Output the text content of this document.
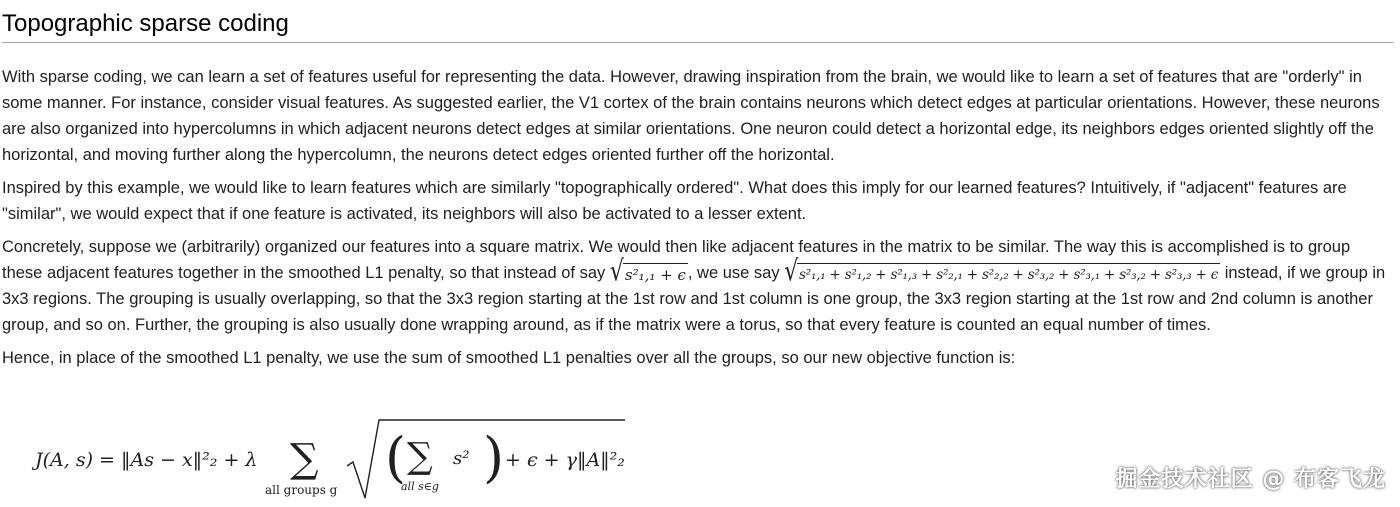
Topographic sparse coding

With sparse coding, we can learn a set of features useful for representing the data. However, drawing inspiration from the brain, we would like to learn a set of features that are "orderly" in some manner. For instance, consider visual features. As suggested earlier, the V1 cortex of the brain contains neurons which detect edges at particular orientations. However, these neurons are also organized into hypercolumns in which adjacent neurons detect edges at similar orientations. One neuron could detect a horizontal edge, its neighbors edges oriented slightly off the horizontal, and moving further along the hypercolumn, the neurons detect edges oriented further off the horizontal.

Inspired by this example, we would like to learn features which are similarly "topographically ordered". What does this imply for our learned features? Intuitively, if "adjacent" features are "similar", we would expect that if one feature is activated, its neighbors will also be activated to a lesser extent.

Concretely, suppose we (arbitrarily) organized our features into a square matrix. We would then like adjacent features in the matrix to be similar. The way this is accomplished is to group these adjacent features together in the smoothed L1 penalty, so that instead of say √ s²₁,₁ + ϵ , we use say √ s²₁,₁ + s²₁,₂ + s²₁,₃ + s²₂,₁ + s²₂,₂ + s²₃,₂ + s²₃,₁ + s²₃,₂ + s²₃,₃ + ϵ instead, if we group in 3x3 regions. The grouping is usually overlapping, so that the 3x3 region starting at the 1st row and 1st column is one group, the 3x3 region starting at the 1st row and 2nd column is another group, and so on. Further, the grouping is also usually done wrapping around, as if the matrix were a torus, so that every feature is counted an equal number of times.

Hence, in place of the smoothed L1 penalty, we use the sum of smoothed L1 penalties over all the groups, so our new objective function is:

J(A, s) = ‖As − x‖²₂ + λ ∑
all groups g
( ∑
all s∈g
s² ) + ϵ + γ‖A‖²₂
掘金技术社区 @ 布客飞龙
